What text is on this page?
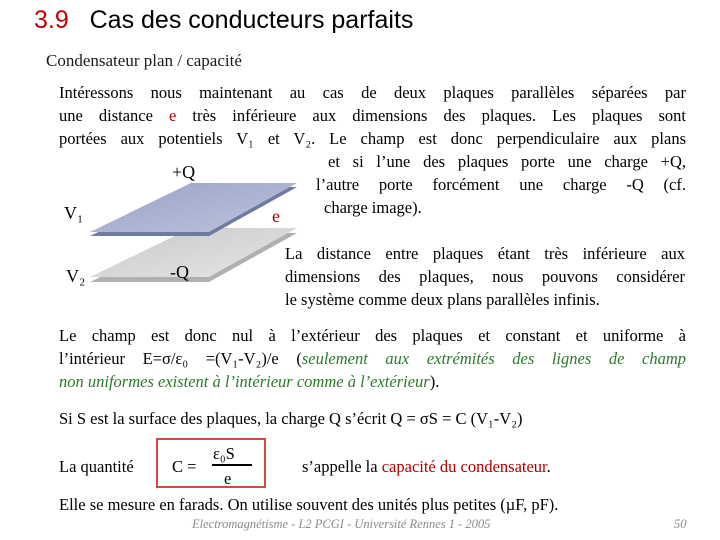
3.9 Cas des conducteurs parfaits
Condensateur plan / capacité
Intéressons nous maintenant au cas de deux plaques parallèles séparées par
une distance e très inférieure aux dimensions des plaques. Les plaques sont
portées aux potentiels V₁ et V₂. Le champ est donc perpendiculaire aux plans
et si l’une des plaques porte une charge +Q,
l’autre porte forcément une charge -Q (cf.
charge image).
+Q
-Q
V₁
V₂
e
La distance entre plaques étant très inférieure aux
dimensions des plaques, nous pouvons considérer
le système comme deux plans parallèles infinis.
Le champ est donc nul à l’extérieur des plaques et constant et uniforme à
l’intérieur E=σ/ε₀ =(V₁-V₂)/e (seulement aux extrémités des lignes de champ
non uniformes existent à l’intérieur comme à l’extérieur).
Si S est la surface des plaques, la charge Q s’écrit Q = σS = C (V₁-V₂)
La quantité C =
ε₀S
e
s’appelle la capacité du condensateur.
Elle se mesure en farads. On utilise souvent des unités plus petites (µF, pF).
Electromagnétisme - L2 PCGI - Université Rennes 1 - 2005	50
